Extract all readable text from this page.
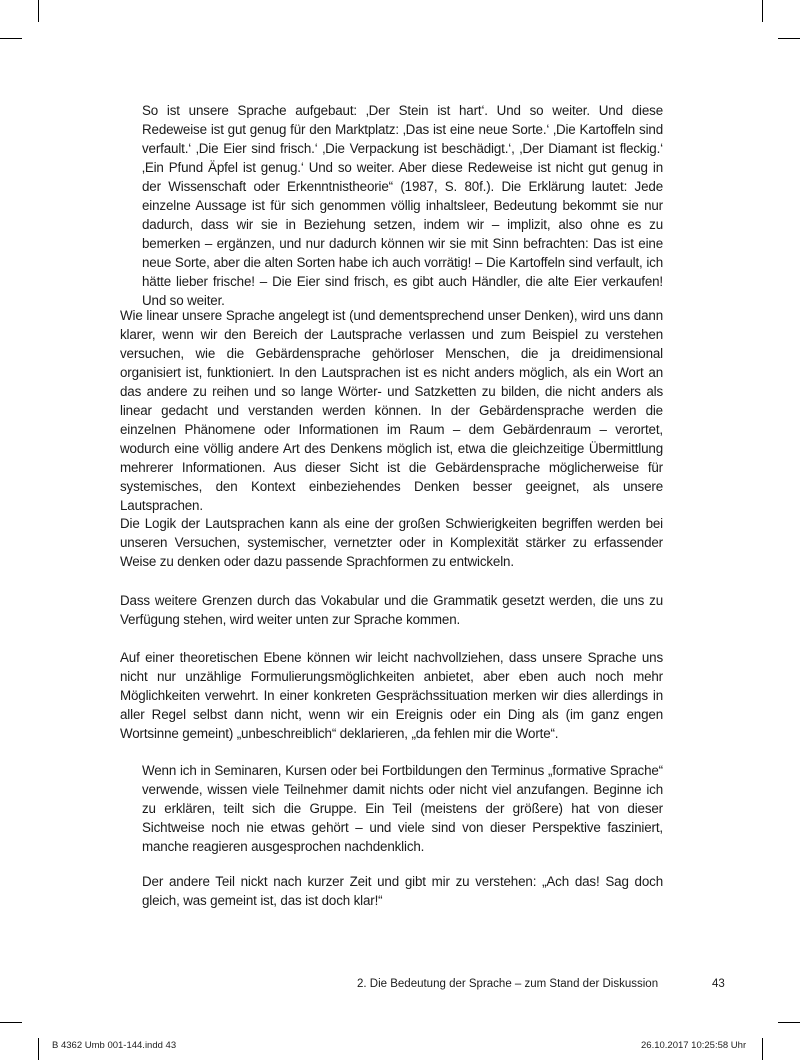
So ist unsere Sprache aufgebaut: ‚Der Stein ist hart‘. Und so weiter. Und diese Redeweise ist gut genug für den Marktplatz: ‚Das ist eine neue Sorte.‘ ‚Die Kartoffeln sind verfault.‘ ‚Die Eier sind frisch.‘ ‚Die Verpackung ist beschädigt.‘, ‚Der Diamant ist fleckig.‘ ‚Ein Pfund Äpfel ist genug.‘ Und so weiter. Aber diese Redeweise ist nicht gut genug in der Wissenschaft oder Erkenntnistheorie“ (1987, S. 80f.). Die Erklärung lautet: Jede einzelne Aussage ist für sich genommen völlig inhaltsleer, Bedeutung bekommt sie nur dadurch, dass wir sie in Beziehung setzen, indem wir – implizit, also ohne es zu bemerken – ergänzen, und nur dadurch können wir sie mit Sinn befrachten: Das ist eine neue Sorte, aber die alten Sorten habe ich auch vorrätig! – Die Kartoffeln sind verfault, ich hätte lieber frische! – Die Eier sind frisch, es gibt auch Händler, die alte Eier verkaufen! Und so weiter.

Wie linear unsere Sprache angelegt ist (und dementsprechend unser Denken), wird uns dann klarer, wenn wir den Bereich der Lautsprache verlassen und zum Beispiel zu verstehen versuchen, wie die Gebärdensprache gehörloser Menschen, die ja dreidimensional organisiert ist, funktioniert. In den Lautsprachen ist es nicht anders möglich, als ein Wort an das andere zu reihen und so lange Wörter- und Satzketten zu bilden, die nicht anders als linear gedacht und verstanden werden können. In der Gebärdensprache werden die einzelnen Phänomene oder Informationen im Raum – dem Gebärdenraum – verortet, wodurch eine völlig andere Art des Denkens möglich ist, etwa die gleichzeitige Übermittlung mehrerer Informationen. Aus dieser Sicht ist die Gebärdensprache möglicherweise für systemisches, den Kontext einbeziehendes Denken besser geeignet, als unsere Lautsprachen.

Die Logik der Lautsprachen kann als eine der großen Schwierigkeiten begriffen werden bei unseren Versuchen, systemischer, vernetzter oder in Komplexität stärker zu erfassender Weise zu denken oder dazu passende Sprachformen zu entwickeln.

Dass weitere Grenzen durch das Vokabular und die Grammatik gesetzt werden, die uns zu Verfügung stehen, wird weiter unten zur Sprache kommen.

Auf einer theoretischen Ebene können wir leicht nachvollziehen, dass unsere Sprache uns nicht nur unzählige Formulierungsmöglichkeiten anbietet, aber eben auch noch mehr Möglichkeiten verwehrt. In einer konkreten Gesprächssituation merken wir dies allerdings in aller Regel selbst dann nicht, wenn wir ein Ereignis oder ein Ding als (im ganz engen Wortsinne gemeint) „unbeschreiblich“ deklarieren, „da fehlen mir die Worte“.

Wenn ich in Seminaren, Kursen oder bei Fortbildungen den Terminus „formative Sprache“ verwende, wissen viele Teilnehmer damit nichts oder nicht viel anzufangen. Beginne ich zu erklären, teilt sich die Gruppe. Ein Teil (meistens der größere) hat von dieser Sichtweise noch nie etwas gehört – und viele sind von dieser Perspektive fasziniert, manche reagieren ausgesprochen nachdenklich.

Der andere Teil nickt nach kurzer Zeit und gibt mir zu verstehen: „Ach das! Sag doch gleich, was gemeint ist, das ist doch klar!“

2. Die Bedeutung der Sprache – zum Stand der Diskussion	43
B 4362 Umb 001-144.indd 43	26.10.2017 10:25:58 Uhr
